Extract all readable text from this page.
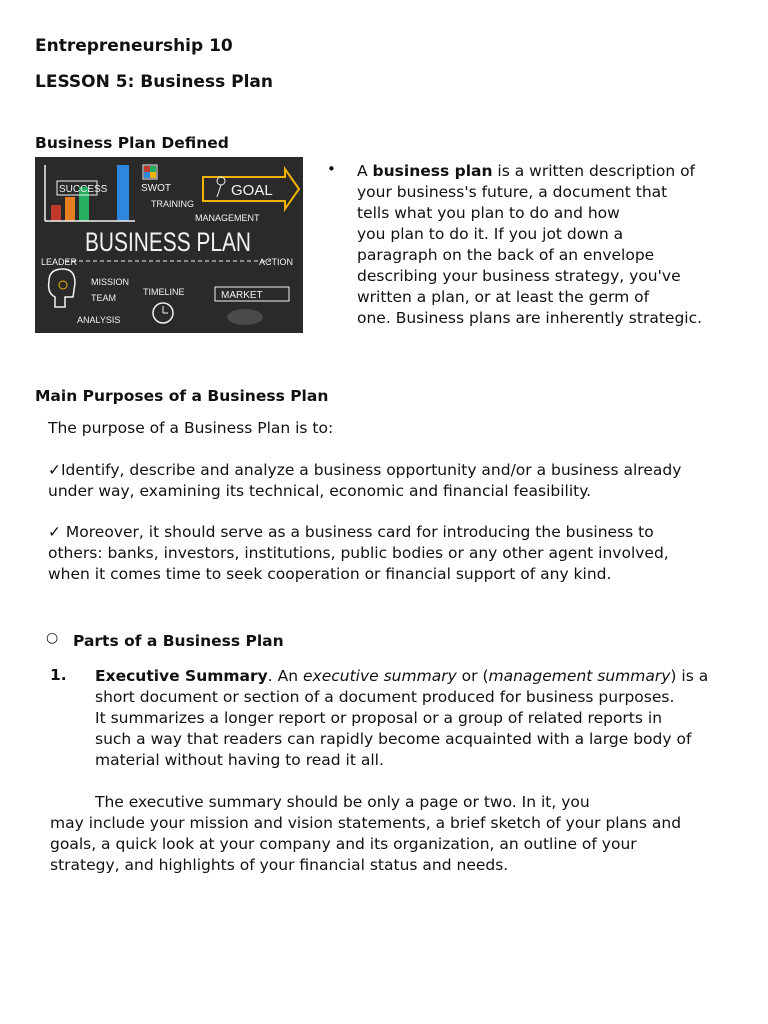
Entrepreneurship 10
LESSON 5: Business Plan
Business Plan Defined
SUCCESS	SWOT
TRAINING
GOAL
MANAGEMENT
BUSINESS PLAN
LEADER	ACTION
MISSION
TEAM
ANALYSIS
TIMELINE	MARKET
• A business plan is a written description of
your business's future, a document that
tells what you plan to do and how
you plan to do it. If you jot down a
paragraph on the back of an envelope
describing your business strategy, you've
written a plan, or at least the germ of
one. Business plans are inherently strategic.
Main Purposes of a Business Plan
The purpose of a Business Plan is to:
✓Identify, describe and analyze a business opportunity and/or a business already
under way, examining its technical, economic and financial feasibility.
✓ Moreover, it should serve as a business card for introducing the business to
others: banks, investors, institutions, public bodies or any other agent involved,
when it comes time to seek cooperation or financial support of any kind.
○ Parts of a Business Plan
1. Executive Summary. An executive summary or (management summary) is a
short document or section of a document produced for business purposes.
It summarizes a longer report or proposal or a group of related reports in
such a way that readers can rapidly become acquainted with a large body of
material without having to read it all.
The executive summary should be only a page or two. In it, you
may include your mission and vision statements, a brief sketch of your plans and
goals, a quick look at your company and its organization, an outline of your
strategy, and highlights of your financial status and needs.
